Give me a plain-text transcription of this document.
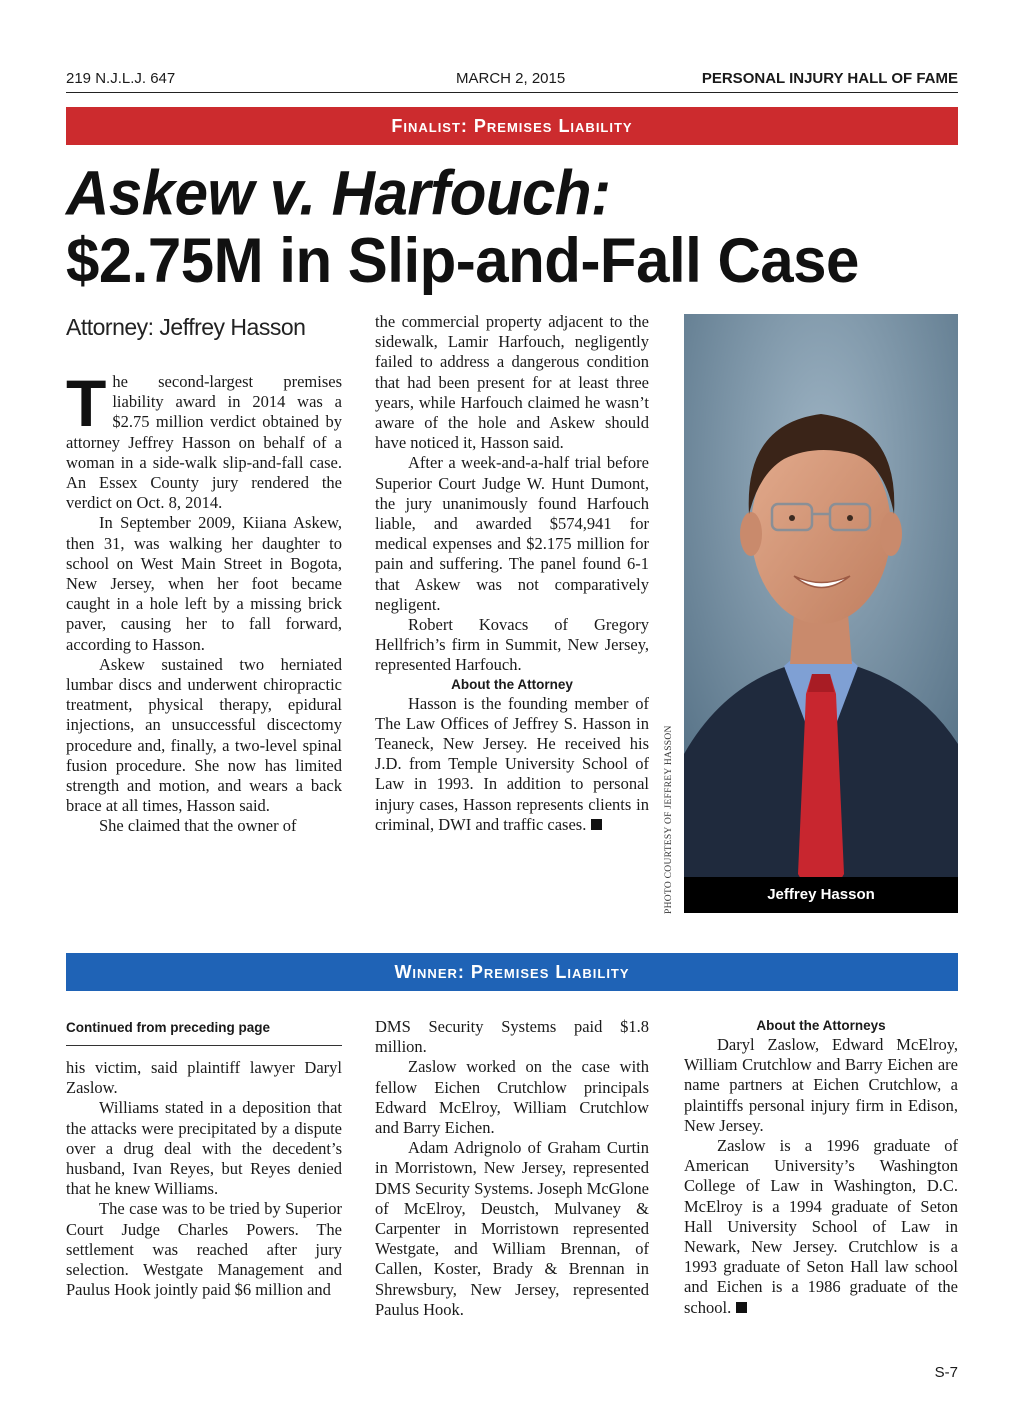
219 N.J.L.J. 647	MARCH 2, 2015	PERSONAL INJURY HALL OF FAME
Finalist: Premises Liability
Askew v. Harfouch:
$2.75M in Slip-and-Fall Case
Attorney: Jeffrey Hasson

The second-largest premises liability award in 2014 was a $2.75 million verdict obtained by attorney Jeffrey Hasson on behalf of a woman in a side-walk slip-and-fall case. An Essex County jury rendered the verdict on Oct. 8, 2014.

In September 2009, Kiiana Askew, then 31, was walking her daughter to school on West Main Street in Bogota, New Jersey, when her foot became caught in a hole left by a missing brick paver, causing her to fall forward, according to Hasson.

Askew sustained two herniated lumbar discs and underwent chiropractic treatment, physical therapy, epidural injections, an unsuccessful discectomy procedure and, finally, a two-level spinal fusion procedure. She now has limited strength and motion, and wears a back brace at all times, Hasson said.

She claimed that the owner of

the commercial property adjacent to the sidewalk, Lamir Harfouch, negligently failed to address a dangerous condition that had been present for at least three years, while Harfouch claimed he wasn’t aware of the hole and Askew should have noticed it, Hasson said.

After a week-and-a-half trial before Superior Court Judge W. Hunt Dumont, the jury unanimously found Harfouch liable, and awarded $574,941 for medical expenses and $2.175 million for pain and suffering. The panel found 6-1 that Askew was not comparatively negligent.

Robert Kovacs of Gregory Hellfrich’s firm in Summit, New Jersey, represented Harfouch.

About the Attorney

Hasson is the founding member of The Law Offices of Jeffrey S. Hasson in Teaneck, New Jersey. He received his J.D. from Temple University School of Law in 1993. In addition to personal injury cases, Hasson represents clients in criminal, DWI and traffic cases.	PHOTO COURTESY OF JEFFREY HASSON	Jeffrey Hasson
Winner: Premises Liability
Continued from preceding page

his victim, said plaintiff lawyer Daryl Zaslow.

Williams stated in a deposition that the attacks were precipitated by a dispute over a drug deal with the decedent’s husband, Ivan Reyes, but Reyes denied that he knew Williams.

The case was to be tried by Superior Court Judge Charles Powers. The settlement was reached after jury selection. Westgate Management and Paulus Hook jointly paid $6 million and

DMS Security Systems paid $1.8 million.

Zaslow worked on the case with fellow Eichen Crutchlow principals Edward McElroy, William Crutchlow and Barry Eichen.

Adam Adrignolo of Graham Curtin in Morristown, New Jersey, represented DMS Security Systems. Joseph McGlone of McElroy, Deustch, Mulvaney & Carpenter in Morristown represented Westgate, and William Brennan, of Callen, Koster, Brady & Brennan in Shrewsbury, New Jersey, represented Paulus Hook.

About the Attorneys

Daryl Zaslow, Edward McElroy, William Crutchlow and Barry Eichen are name partners at Eichen Crutchlow, a plaintiffs personal injury firm in Edison, New Jersey.

Zaslow is a 1996 graduate of American University’s Washington College of Law in Washington, D.C. McElroy is a 1994 graduate of Seton Hall University School of Law in Newark, New Jersey. Crutchlow is a 1993 graduate of Seton Hall law school and Eichen is a 1986 graduate of the school.

S-7
